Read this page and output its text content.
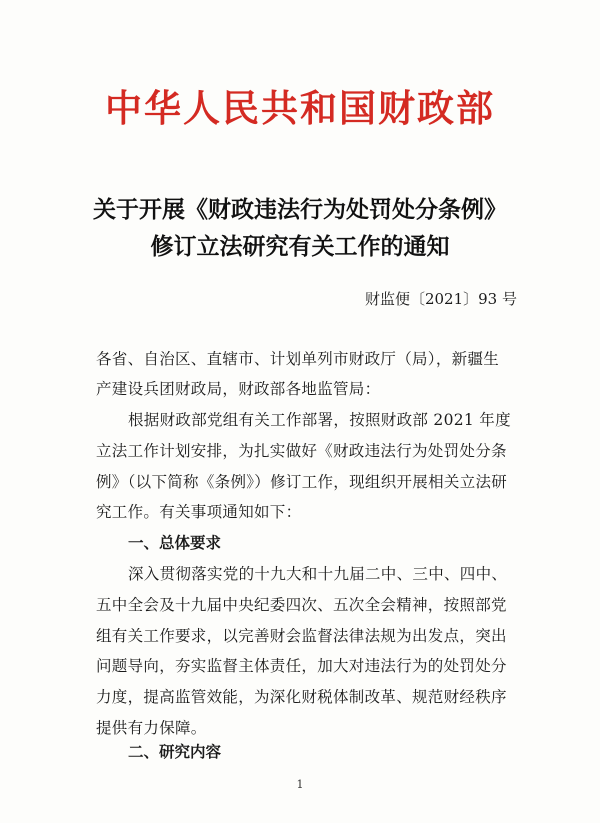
中华人民共和国财政部
关于开展《财政违法行为处罚处分条例》
修订立法研究有关工作的通知
财监便〔2021〕93 号
各省、自治区、直辖市、计划单列市财政厅（局），新疆生
产建设兵团财政局，财政部各地监管局：
根据财政部党组有关工作部署，按照财政部 2021 年度
立法工作计划安排，为扎实做好《财政违法行为处罚处分条
例》（以下简称《条例》）修订工作，现组织开展相关立法研
究工作。有关事项通知如下：
一、总体要求
深入贯彻落实党的十九大和十九届二中、三中、四中、
五中全会及十九届中央纪委四次、五次全会精神，按照部党
组有关工作要求，以完善财会监督法律法规为出发点，突出
问题导向，夯实监督主体责任，加大对违法行为的处罚处分
力度，提高监管效能，为深化财税体制改革、规范财经秩序
提供有力保障。
二、研究内容
1
